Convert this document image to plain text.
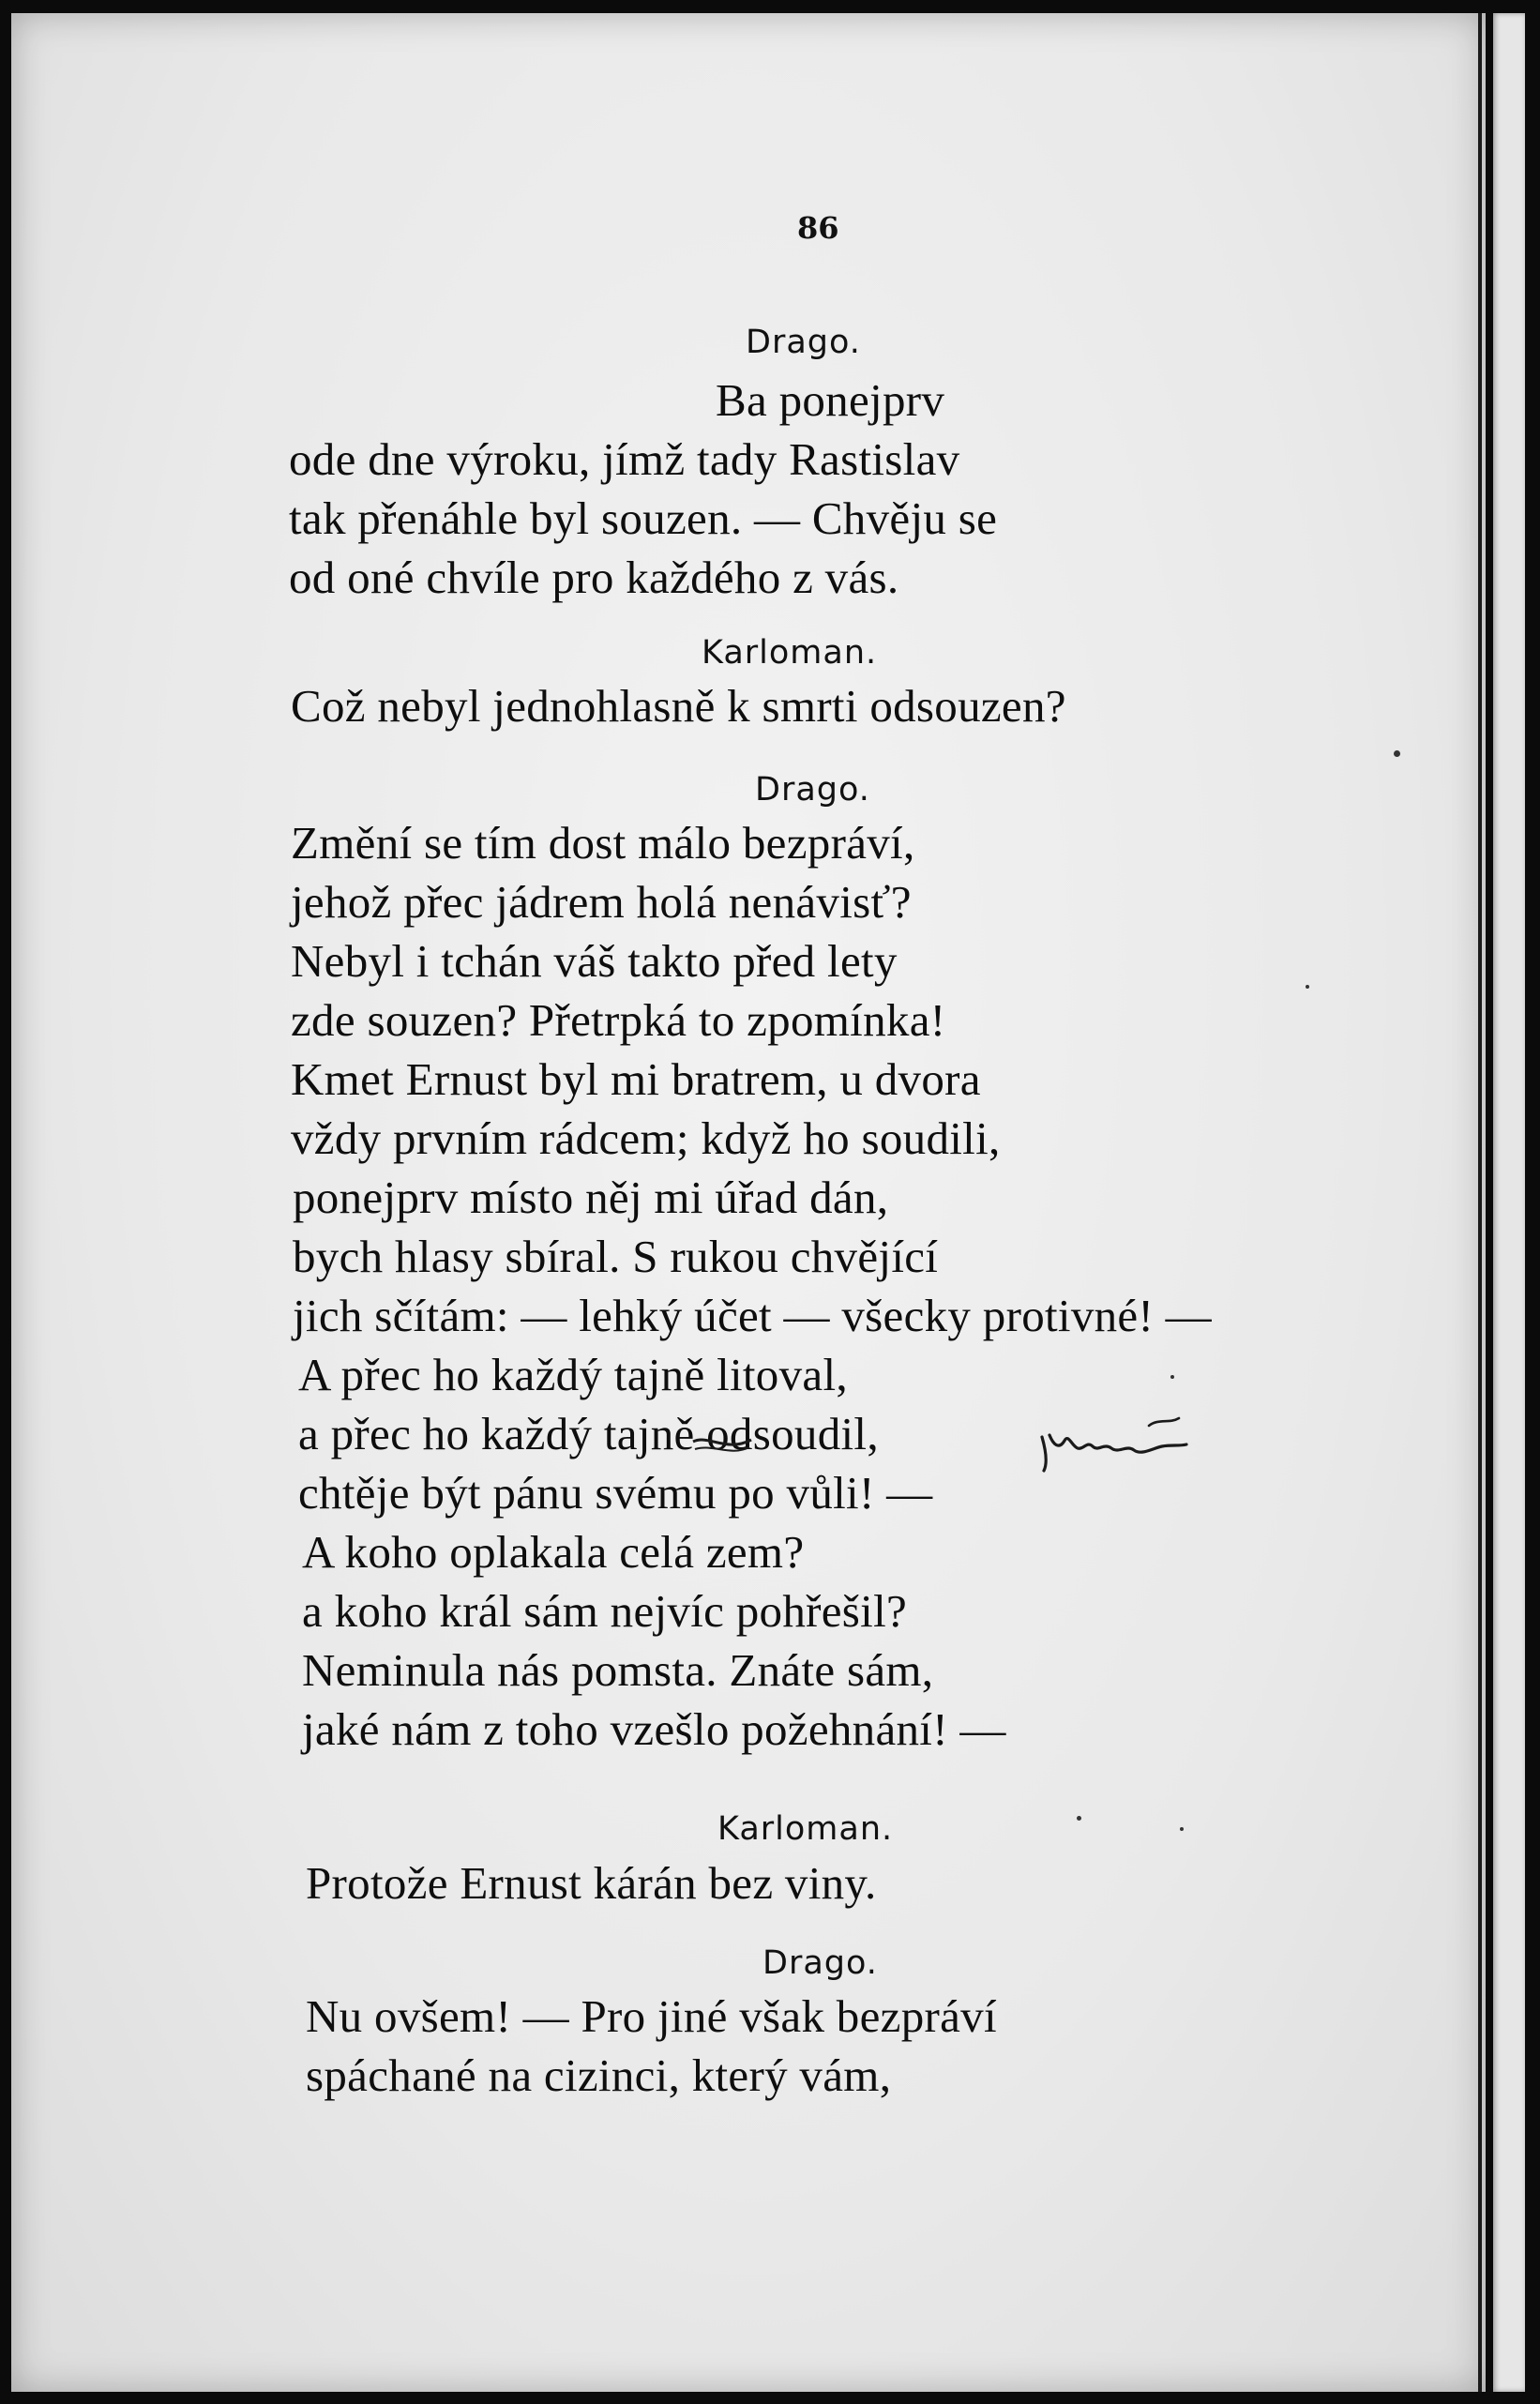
86
Drago.
Ba ponejprv
ode dne výroku, jímž tady Rastislav
tak přenáhle byl souzen. — Chvěju se
od oné chvíle pro každého z vás.
Karloman.
Což nebyl jednohlasně k smrti odsouzen?
Drago.
Změní se tím dost málo bezpráví,
jehož přec jádrem holá nenávisť?
Nebyl i tchán váš takto před lety
zde souzen? Přetrpká to zpomínka!
Kmet Ernust byl mi bratrem, u dvora
vždy prvním rádcem; když ho soudili,
ponejprv místo něj mi úřad dán,
bych hlasy sbíral. S rukou chvějící
jich sčítám: — lehký účet — všecky protivné! —
A přec ho každý tajně litoval,
a přec ho každý tajně odsoudil,
chtěje být pánu svému po vůli! —
A koho oplakala celá zem?
a koho král sám nejvíc pohřešil?
Neminula nás pomsta. Znáte sám,
jaké nám z toho vzešlo požehnání! —
Karloman.
Protože Ernust kárán bez viny.
Drago.
Nu ovšem! — Pro jiné však bezpráví
spáchané na cizinci, který vám,
